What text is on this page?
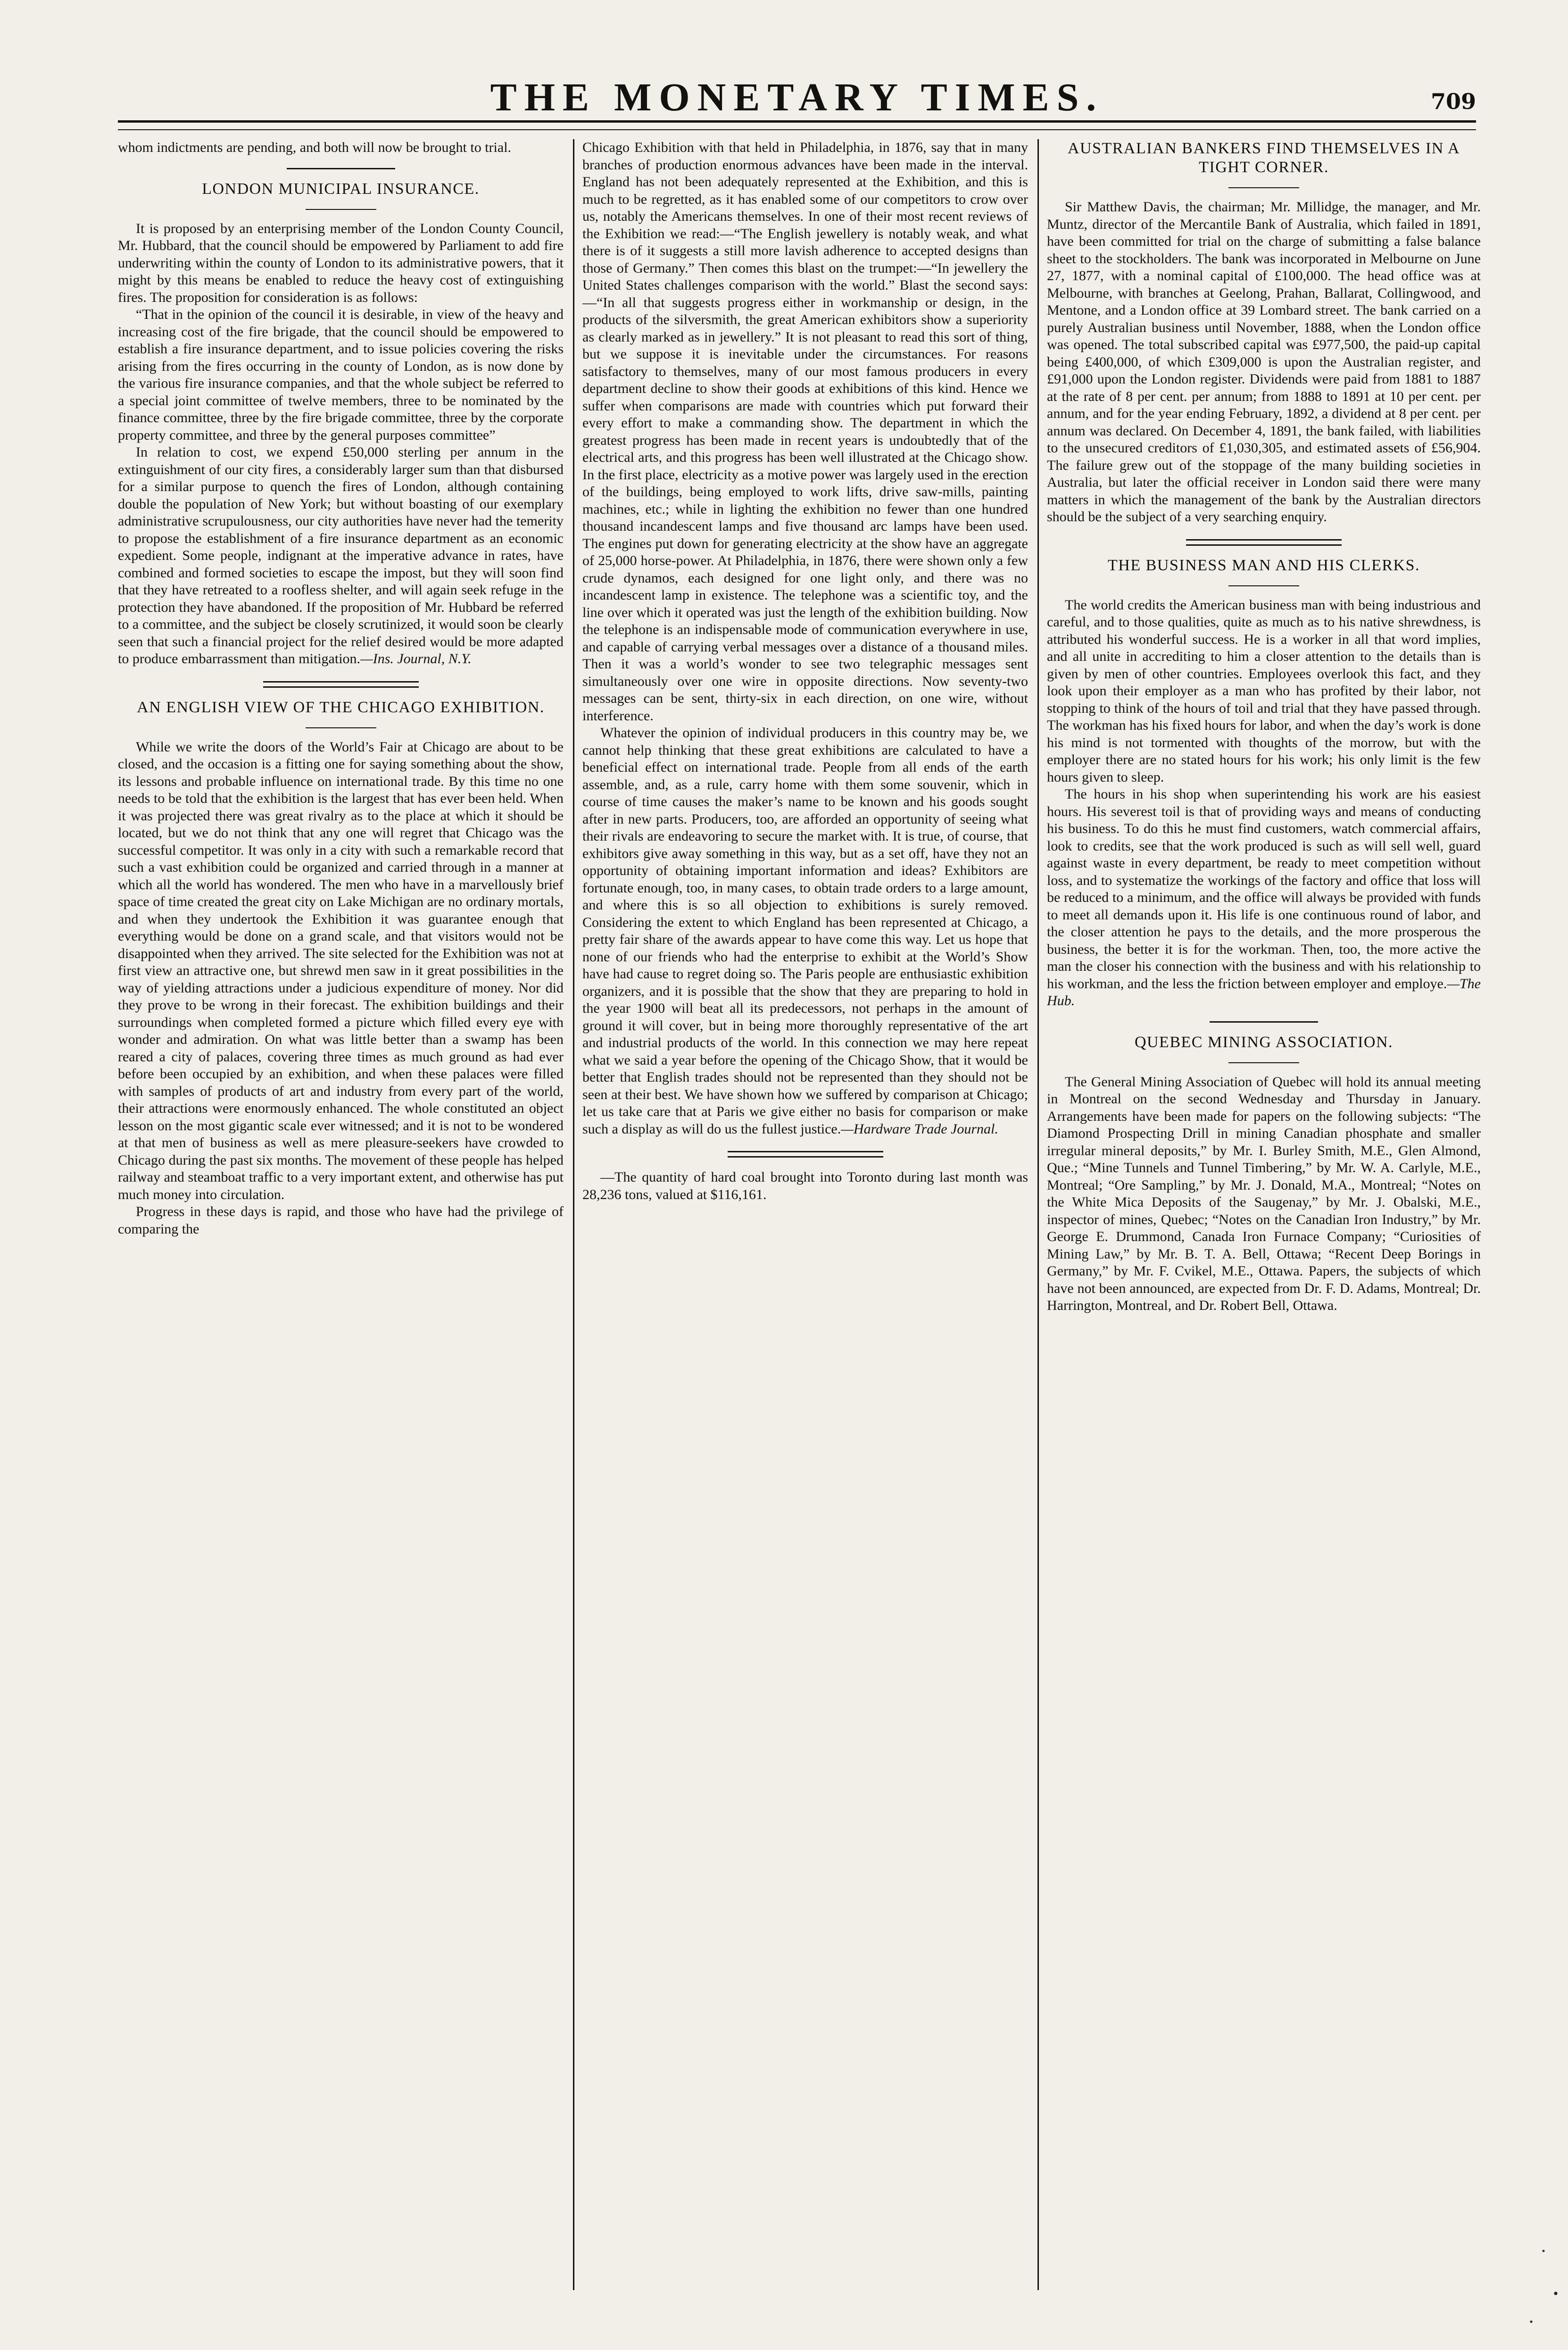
THE MONETARY TIMES.	709

whom indictments are pending, and both will now be brought to trial.

LONDON MUNICIPAL INSURANCE.

It is proposed by an enterprising member of the London County Council, Mr. Hubbard, that the council should be empowered by Parliament to add fire underwriting within the county of London to its administrative powers, that it might by this means be enabled to reduce the heavy cost of extinguishing fires. The proposition for consideration is as follows:

“That in the opinion of the council it is desirable, in view of the heavy and increasing cost of the fire brigade, that the council should be empowered to establish a fire insurance department, and to issue policies covering the risks arising from the fires occurring in the county of London, as is now done by the various fire insurance companies, and that the whole subject be referred to a special joint committee of twelve members, three to be nominated by the finance committee, three by the fire brigade committee, three by the corporate property committee, and three by the general purposes committee”

In relation to cost, we expend £50,000 sterling per annum in the extinguishment of our city fires, a considerably larger sum than that disbursed for a similar purpose to quench the fires of London, although containing double the population of New York; but without boasting of our exemplary administrative scrupulousness, our city authorities have never had the temerity to propose the establishment of a fire insurance department as an economic expedient. Some people, indignant at the imperative advance in rates, have combined and formed societies to escape the impost, but they will soon find that they have retreated to a roofless shelter, and will again seek refuge in the protection they have abandoned. If the proposition of Mr. Hubbard be referred to a committee, and the subject be closely scrutinized, it would soon be clearly seen that such a financial project for the relief desired would be more adapted to produce embarrassment than mitigation.—Ins. Journal, N.Y.

AN ENGLISH VIEW OF THE CHICAGO EXHIBITION.

While we write the doors of the World’s Fair at Chicago are about to be closed, and the occasion is a fitting one for saying something about the show, its lessons and probable influence on international trade. By this time no one needs to be told that the exhibition is the largest that has ever been held. When it was projected there was great rivalry as to the place at which it should be located, but we do not think that any one will regret that Chicago was the successful competitor. It was only in a city with such a remarkable record that such a vast exhibition could be organized and carried through in a manner at which all the world has wondered. The men who have in a marvellously brief space of time created the great city on Lake Michigan are no ordinary mortals, and when they undertook the Exhibition it was guarantee enough that everything would be done on a grand scale, and that visitors would not be disappointed when they arrived. The site selected for the Exhibition was not at first view an attractive one, but shrewd men saw in it great possibilities in the way of yielding attractions under a judicious expenditure of money. Nor did they prove to be wrong in their forecast. The exhibition buildings and their surroundings when completed formed a picture which filled every eye with wonder and admiration. On what was little better than a swamp has been reared a city of palaces, covering three times as much ground as had ever before been occupied by an exhibition, and when these palaces were filled with samples of products of art and industry from every part of the world, their attractions were enormously enhanced. The whole constituted an object lesson on the most gigantic scale ever witnessed; and it is not to be wondered at that men of business as well as mere pleasure-seekers have crowded to Chicago during the past six months. The movement of these people has helped railway and steamboat traffic to a very important extent, and otherwise has put much money into circulation.

Progress in these days is rapid, and those who have had the privilege of comparing the

Chicago Exhibition with that held in Philadelphia, in 1876, say that in many branches of production enormous advances have been made in the interval. England has not been adequately represented at the Exhibition, and this is much to be regretted, as it has enabled some of our competitors to crow over us, notably the Americans themselves. In one of their most recent reviews of the Exhibition we read:—“The English jewellery is notably weak, and what there is of it suggests a still more lavish adherence to accepted designs than those of Germany.” Then comes this blast on the trumpet:—“In jewellery the United States challenges comparison with the world.” Blast the second says:—“In all that suggests progress either in workmanship or design, in the products of the silversmith, the great American exhibitors show a superiority as clearly marked as in jewellery.” It is not pleasant to read this sort of thing, but we suppose it is inevitable under the circumstances. For reasons satisfactory to themselves, many of our most famous producers in every department decline to show their goods at exhibitions of this kind. Hence we suffer when comparisons are made with countries which put forward their every effort to make a commanding show. The department in which the greatest progress has been made in recent years is undoubtedly that of the electrical arts, and this progress has been well illustrated at the Chicago show. In the first place, electricity as a motive power was largely used in the erection of the buildings, being employed to work lifts, drive saw-mills, painting machines, etc.; while in lighting the exhibition no fewer than one hundred thousand incandescent lamps and five thousand arc lamps have been used. The engines put down for generating electricity at the show have an aggregate of 25,000 horse-power. At Philadelphia, in 1876, there were shown only a few crude dynamos, each designed for one light only, and there was no incandescent lamp in existence. The telephone was a scientific toy, and the line over which it operated was just the length of the exhibition building. Now the telephone is an indispensable mode of communication everywhere in use, and capable of carrying verbal messages over a distance of a thousand miles. Then it was a world’s wonder to see two telegraphic messages sent simultaneously over one wire in opposite directions. Now seventy-two messages can be sent, thirty-six in each direction, on one wire, without interference.

Whatever the opinion of individual producers in this country may be, we cannot help thinking that these great exhibitions are calculated to have a beneficial effect on international trade. People from all ends of the earth assemble, and, as a rule, carry home with them some souvenir, which in course of time causes the maker’s name to be known and his goods sought after in new parts. Producers, too, are afforded an opportunity of seeing what their rivals are endeavoring to secure the market with. It is true, of course, that exhibitors give away something in this way, but as a set off, have they not an opportunity of obtaining important information and ideas? Exhibitors are fortunate enough, too, in many cases, to obtain trade orders to a large amount, and where this is so all objection to exhibitions is surely removed. Considering the extent to which England has been represented at Chicago, a pretty fair share of the awards appear to have come this way. Let us hope that none of our friends who had the enterprise to exhibit at the World’s Show have had cause to regret doing so. The Paris people are enthusiastic exhibition organizers, and it is possible that the show that they are preparing to hold in the year 1900 will beat all its predecessors, not perhaps in the amount of ground it will cover, but in being more thoroughly representative of the art and industrial products of the world. In this connection we may here repeat what we said a year before the opening of the Chicago Show, that it would be better that English trades should not be represented than they should not be seen at their best. We have shown how we suffered by comparison at Chicago; let us take care that at Paris we give either no basis for comparison or make such a display as will do us the fullest justice.—Hardware Trade Journal.

—The quantity of hard coal brought into Toronto during last month was 28,236 tons, valued at $116,161.

AUSTRALIAN BANKERS FIND THEMSELVES IN A TIGHT CORNER.

Sir Matthew Davis, the chairman; Mr. Millidge, the manager, and Mr. Muntz, director of the Mercantile Bank of Australia, which failed in 1891, have been committed for trial on the charge of submitting a false balance sheet to the stockholders. The bank was incorporated in Melbourne on June 27, 1877, with a nominal capital of £100,000. The head office was at Melbourne, with branches at Geelong, Prahan, Ballarat, Collingwood, and Mentone, and a London office at 39 Lombard street. The bank carried on a purely Australian business until November, 1888, when the London office was opened. The total subscribed capital was £977,500, the paid-up capital being £400,000, of which £309,000 is upon the Australian register, and £91,000 upon the London register. Dividends were paid from 1881 to 1887 at the rate of 8 per cent. per annum; from 1888 to 1891 at 10 per cent. per annum, and for the year ending February, 1892, a dividend at 8 per cent. per annum was declared. On December 4, 1891, the bank failed, with liabilities to the unsecured creditors of £1,030,305, and estimated assets of £56,904. The failure grew out of the stoppage of the many building societies in Australia, but later the official receiver in London said there were many matters in which the management of the bank by the Australian directors should be the subject of a very searching enquiry.

THE BUSINESS MAN AND HIS CLERKS.

The world credits the American business man with being industrious and careful, and to those qualities, quite as much as to his native shrewdness, is attributed his wonderful success. He is a worker in all that word implies, and all unite in accrediting to him a closer attention to the details than is given by men of other countries. Employees overlook this fact, and they look upon their employer as a man who has profited by their labor, not stopping to think of the hours of toil and trial that they have passed through. The workman has his fixed hours for labor, and when the day’s work is done his mind is not tormented with thoughts of the morrow, but with the employer there are no stated hours for his work; his only limit is the few hours given to sleep.

The hours in his shop when superintending his work are his easiest hours. His severest toil is that of providing ways and means of conducting his business. To do this he must find customers, watch commercial affairs, look to credits, see that the work produced is such as will sell well, guard against waste in every department, be ready to meet competition without loss, and to systematize the workings of the factory and office that loss will be reduced to a minimum, and the office will always be provided with funds to meet all demands upon it. His life is one continuous round of labor, and the closer attention he pays to the details, and the more prosperous the business, the better it is for the workman. Then, too, the more active the man the closer his connection with the business and with his relationship to his workman, and the less the friction between employer and employe.—The Hub.

QUEBEC MINING ASSOCIATION.

The General Mining Association of Quebec will hold its annual meeting in Montreal on the second Wednesday and Thursday in January. Arrangements have been made for papers on the following subjects: “The Diamond Prospecting Drill in mining Canadian phosphate and smaller irregular mineral deposits,” by Mr. I. Burley Smith, M.E., Glen Almond, Que.; “Mine Tunnels and Tunnel Timbering,” by Mr. W. A. Carlyle, M.E., Montreal; “Ore Sampling,” by Mr. J. Donald, M.A., Montreal; “Notes on the White Mica Deposits of the Saugenay,” by Mr. J. Obalski, M.E., inspector of mines, Quebec; “Notes on the Canadian Iron Industry,” by Mr. George E. Drummond, Canada Iron Furnace Company; “Curiosities of Mining Law,” by Mr. B. T. A. Bell, Ottawa; “Recent Deep Borings in Germany,” by Mr. F. Cvikel, M.E., Ottawa. Papers, the subjects of which have not been announced, are expected from Dr. F. D. Adams, Montreal; Dr. Harrington, Montreal, and Dr. Robert Bell, Ottawa.
